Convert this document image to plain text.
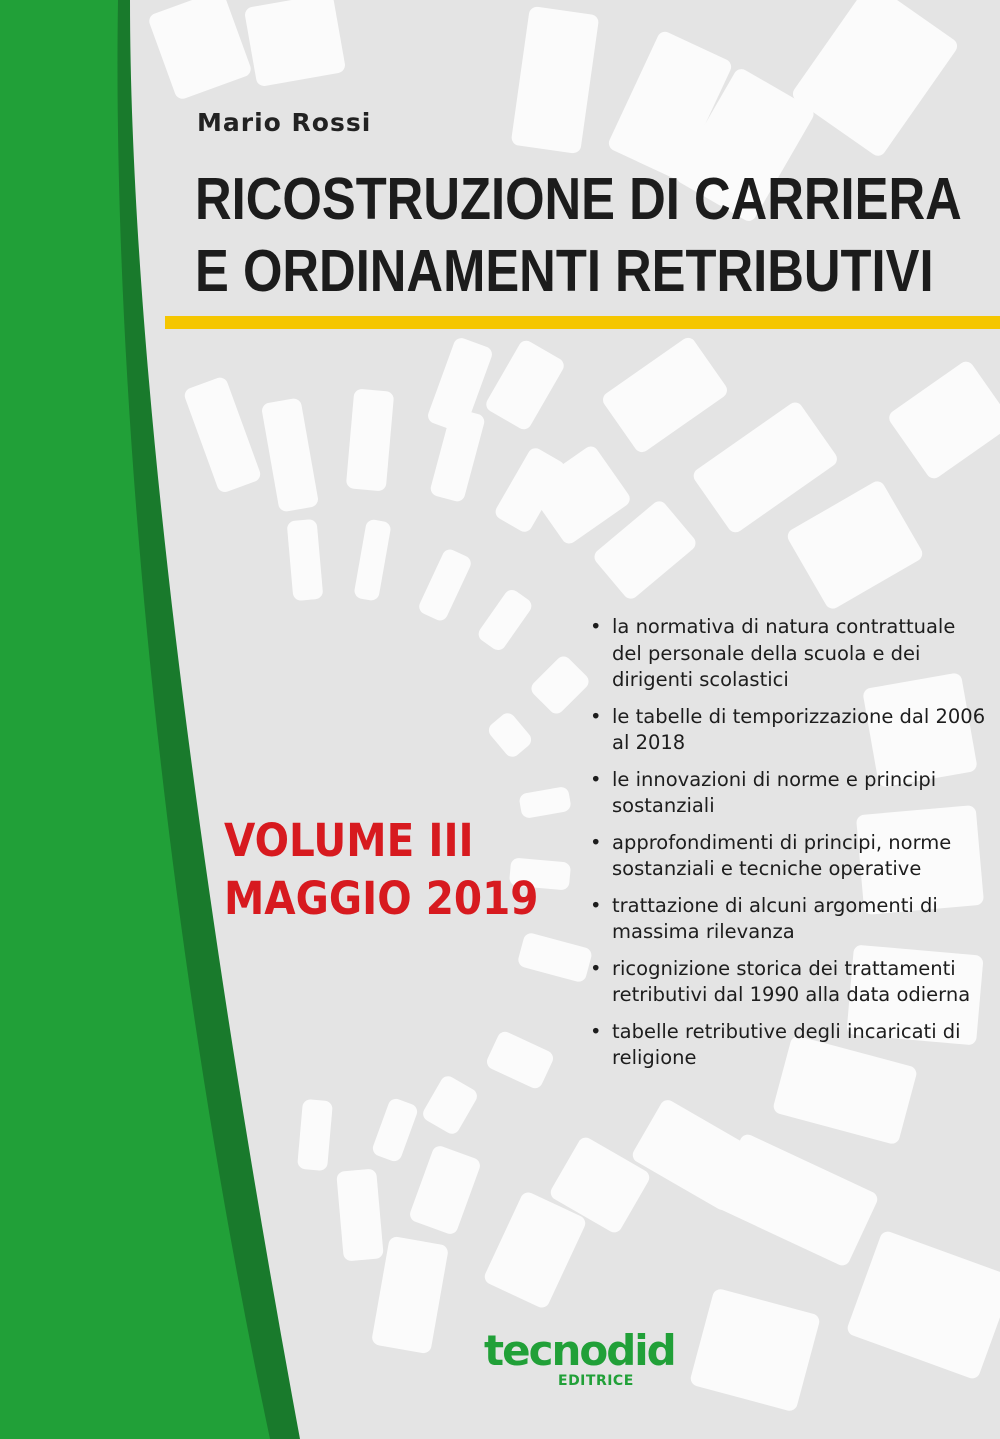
Mario Rossi
RICOSTRUZIONE DI CARRIERA
E ORDINAMENTI RETRIBUTIVI
VOLUME III
MAGGIO 2019
• la normativa di natura contrattuale del personale della scuola e dei dirigenti scolastici
• le tabelle di temporizzazione dal 2006 al 2018
• le innovazioni di norme e principi sostanziali
• approfondimenti di principi, norme sostanziali e tecniche operative
• trattazione di alcuni argomenti di massima rilevanza
• ricognizione storica dei trattamenti retributivi dal 1990 alla data odierna
• tabelle retributive degli incaricati di religione
tecnodid
EDITRICE
